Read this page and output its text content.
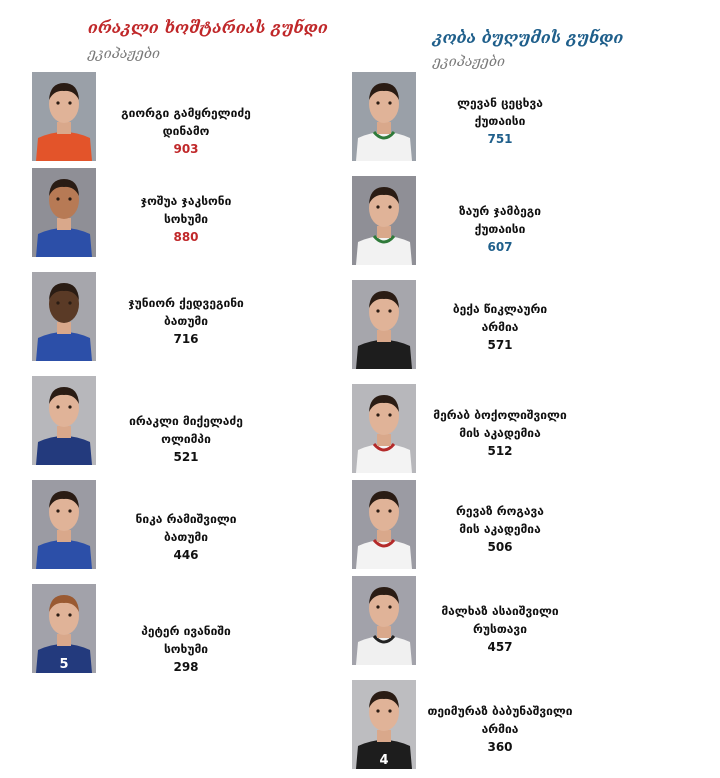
ირაკლი ხოშტარიას გუნდი
ეკიპაჟები
გიორგი გამყრელიძე
დინამო
903
ჯოშუა ჯაკსონი
სოხუმი
880
ჯუნიორ ქედვეგინი
ბათუმი
716
ირაკლი მიქელაძე
ოლიმპი
521
ნიკა რამიშვილი
ბათუმი
446
5
პეტერ ივანიში
სოხუმი
298
კობა ბუღუმის გუნდი
ეკიპაჟები
ლევან ცეცხვა
ქუთაისი
751
ზაურ ჯამბეგი
ქუთაისი
607
ბექა წიკლაური
არმია
571
მერაბ ბოქოლიშვილი
მის აკადემია
512
რევაზ როგავა
მის აკადემია
506
მალხაზ ასაიშვილი
რუსთავი
457
4
თეიმურაზ ბაბუნაშვილი
არმია
360
